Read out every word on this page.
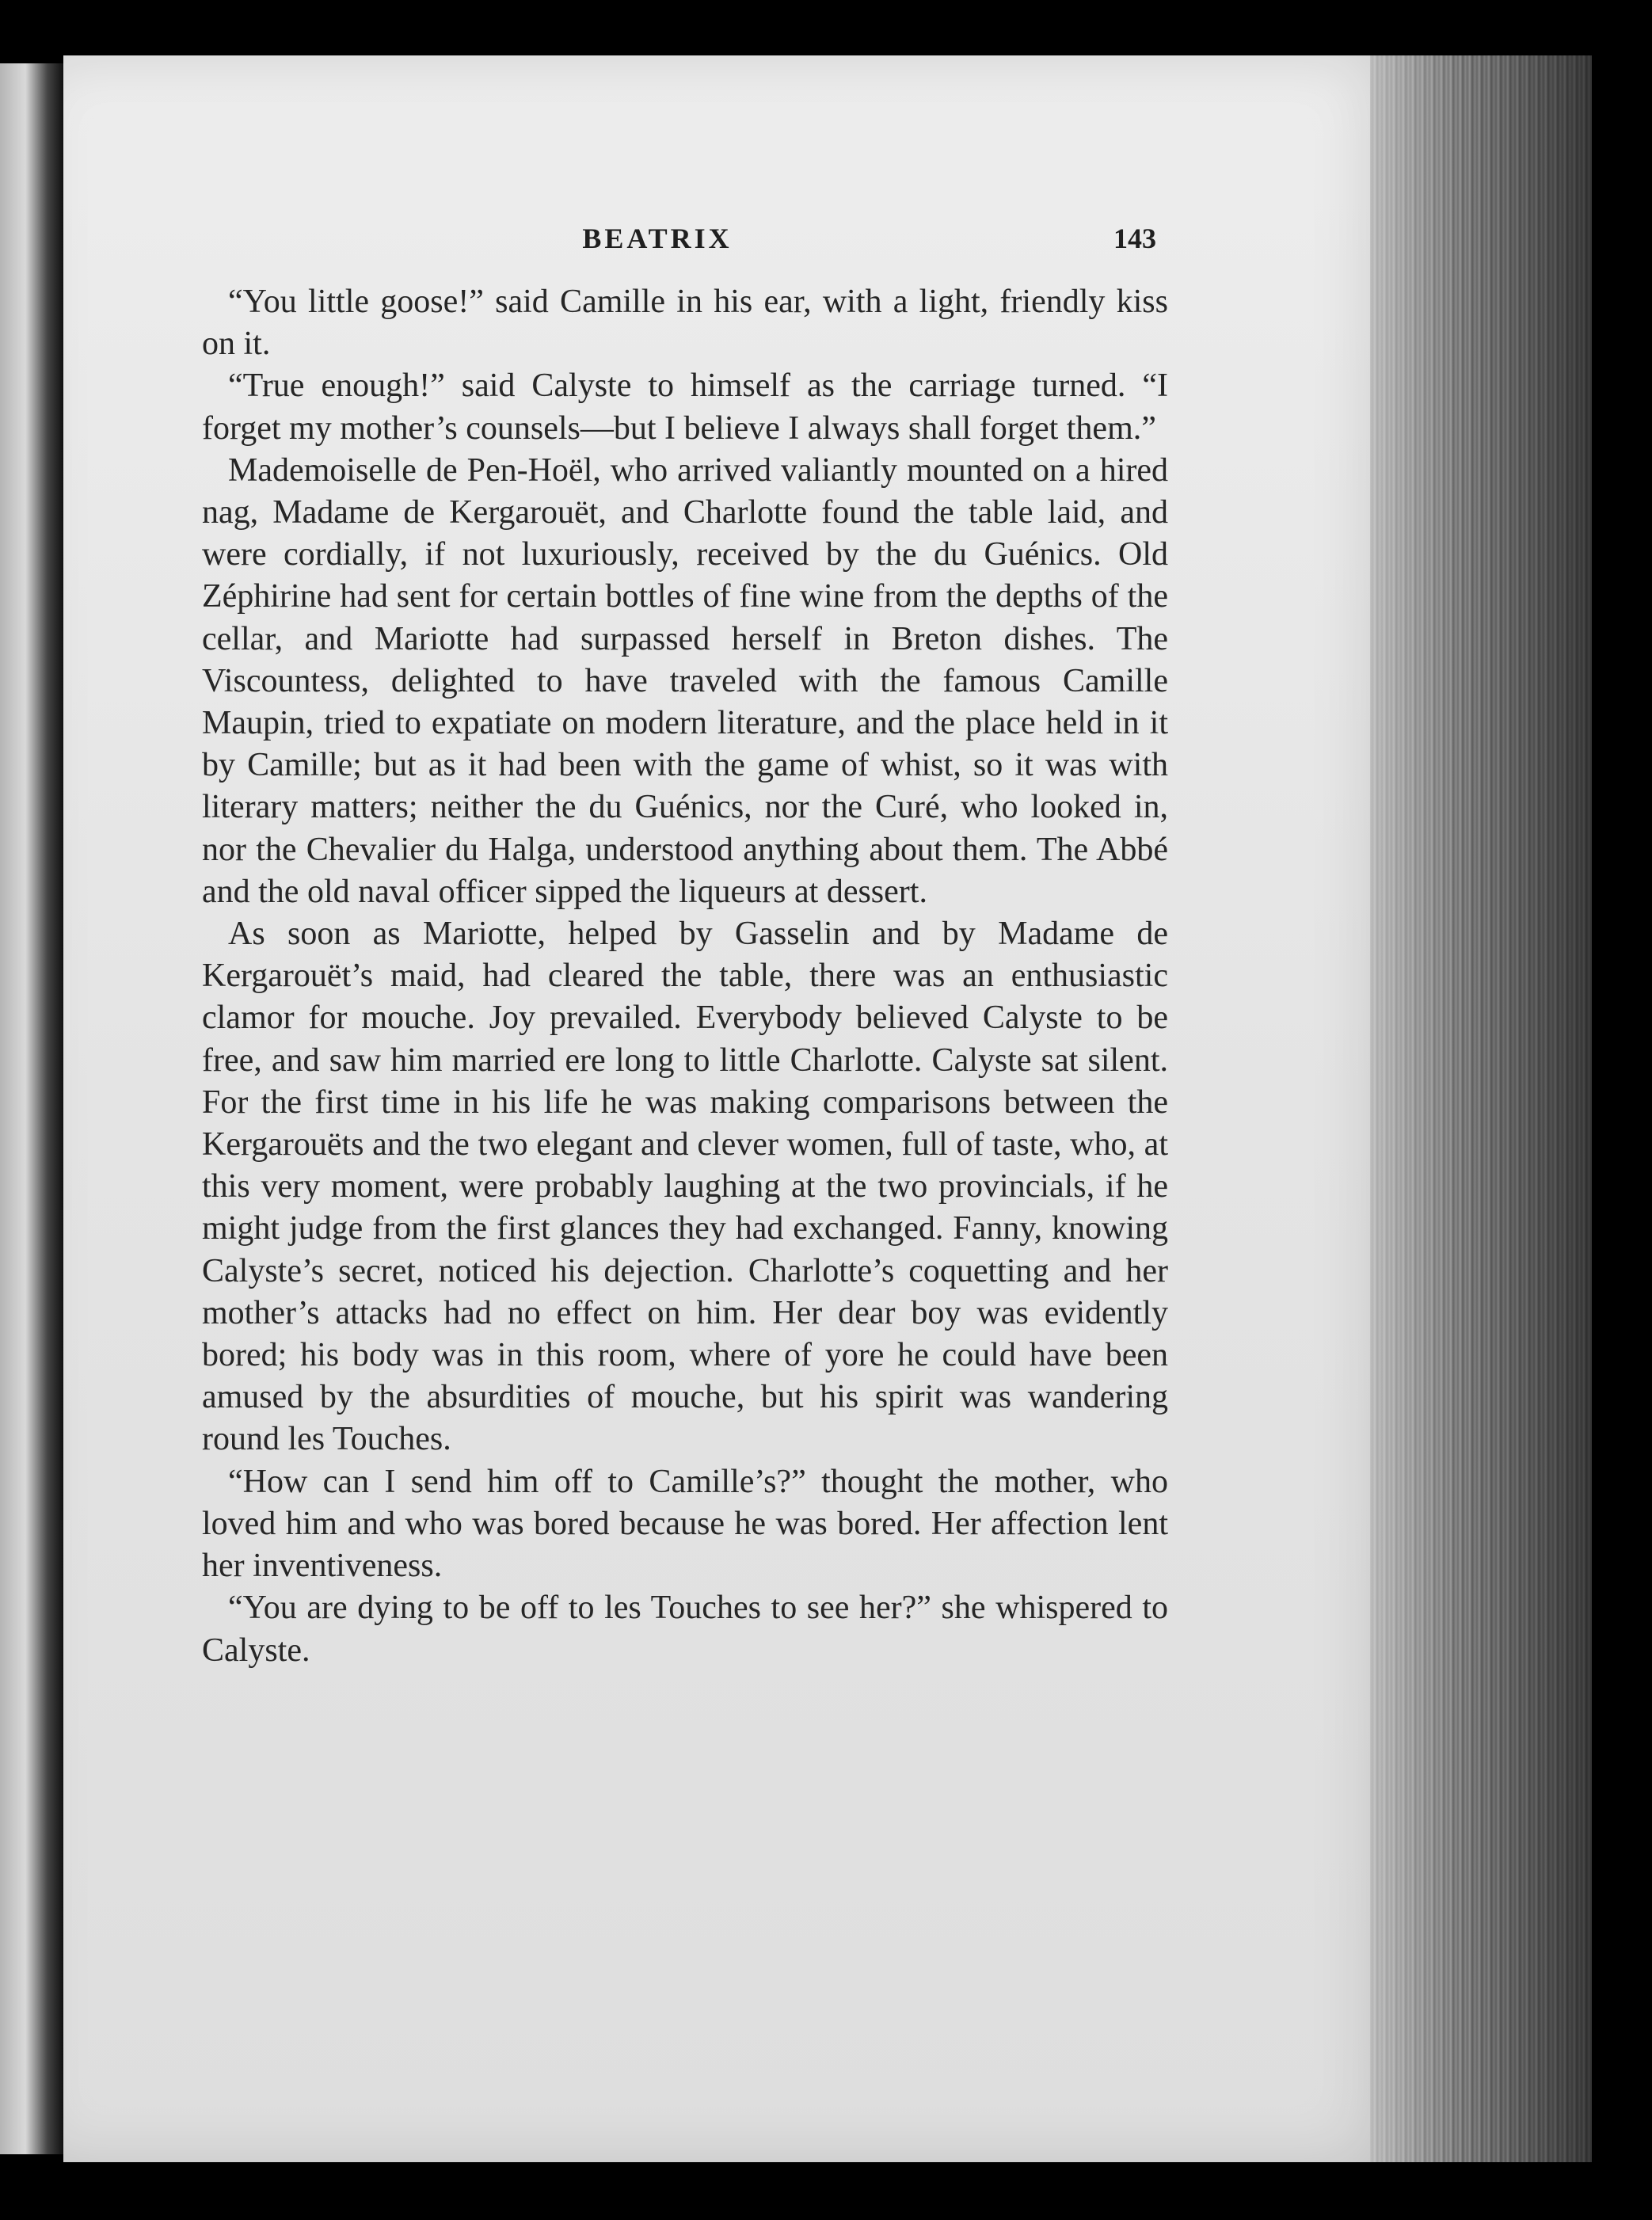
BEATRIX	143

“You little goose!” said Camille in his ear, with a light, friendly kiss on it.

“True enough!” said Calyste to himself as the carriage turned. “I forget my mother’s counsels—but I believe I always shall forget them.”

Mademoiselle de Pen-Hoël, who arrived valiantly mounted on a hired nag, Madame de Kergarouët, and Charlotte found the table laid, and were cordially, if not luxuriously, received by the du Guénics. Old Zéphirine had sent for certain bottles of fine wine from the depths of the cellar, and Mariotte had surpassed herself in Breton dishes. The Viscountess, delighted to have traveled with the famous Camille Maupin, tried to expatiate on modern literature, and the place held in it by Camille; but as it had been with the game of whist, so it was with literary matters; neither the du Guénics, nor the Curé, who looked in, nor the Chevalier du Halga, understood anything about them. The Abbé and the old naval officer sipped the liqueurs at dessert.

As soon as Mariotte, helped by Gasselin and by Madame de Kergarouët’s maid, had cleared the table, there was an enthusiastic clamor for mouche. Joy prevailed. Everybody believed Calyste to be free, and saw him married ere long to little Charlotte. Calyste sat silent. For the first time in his life he was making comparisons between the Kergarouëts and the two elegant and clever women, full of taste, who, at this very moment, were probably laughing at the two provincials, if he might judge from the first glances they had exchanged. Fanny, knowing Calyste’s secret, noticed his dejection. Charlotte’s coquetting and her mother’s attacks had no effect on him. Her dear boy was evidently bored; his body was in this room, where of yore he could have been amused by the absurdities of mouche, but his spirit was wandering round les Touches.

“How can I send him off to Camille’s?” thought the mother, who loved him and who was bored because he was bored. Her affection lent her inventiveness.

“You are dying to be off to les Touches to see her?” she whispered to Calyste.
